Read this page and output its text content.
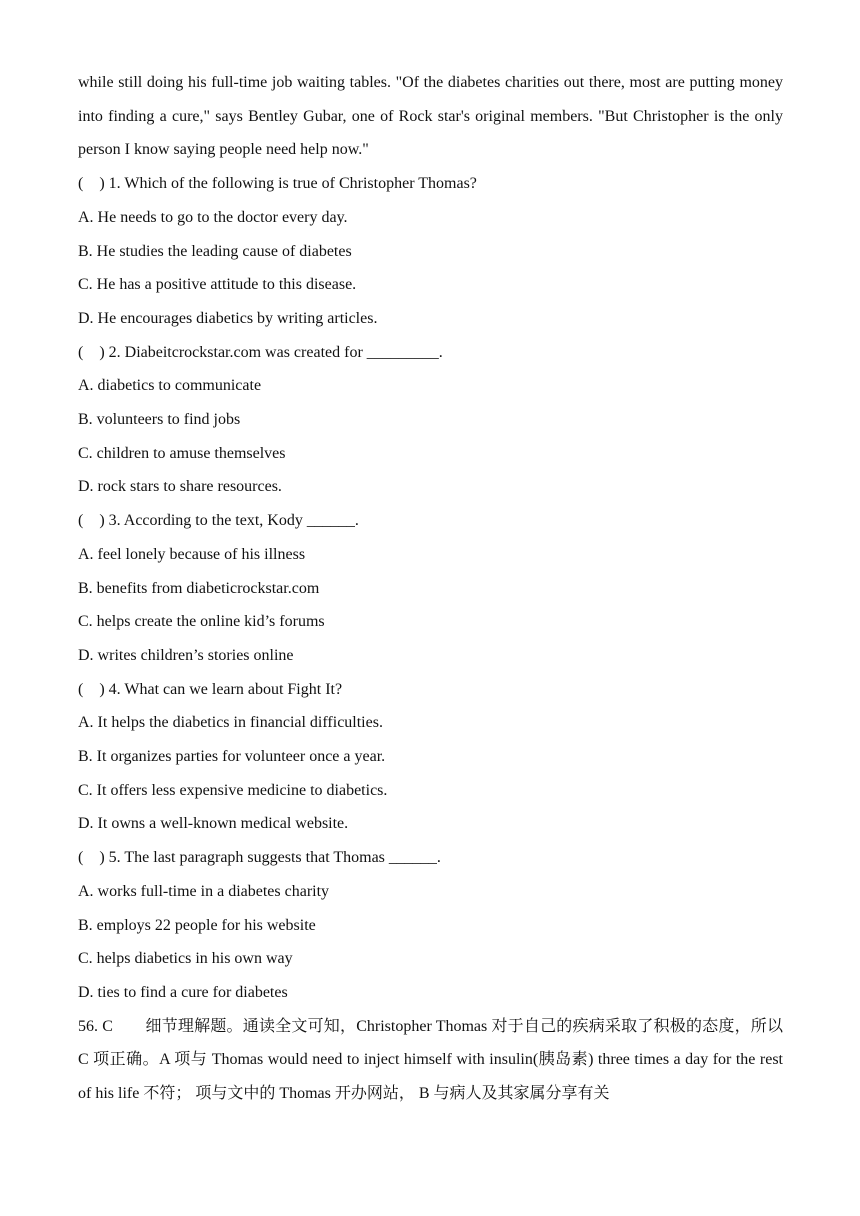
while still doing his full-time job waiting tables. "Of the diabetes charities out there, most are putting money into finding a cure," says Bentley Gubar, one of Rock star's original members. "But Christopher is the only person I know saying people need help now."

(    ) 1. Which of the following is true of Christopher Thomas?

A. He needs to go to the doctor every day.

B. He studies the leading cause of diabetes

C. He has a positive attitude to this disease.

D. He encourages diabetics by writing articles.

(    ) 2. Diabeitcrockstar.com was created for _________.

A. diabetics to communicate

B. volunteers to find jobs

C. children to amuse themselves

D. rock stars to share resources.

(    ) 3. According to the text, Kody ______.

A. feel lonely because of his illness

B. benefits from diabeticrockstar.com

C. helps create the online kid’s forums

D. writes children’s stories online

(    ) 4. What can we learn about Fight It?

A. It helps the diabetics in financial difficulties.

B. It organizes parties for volunteer once a year.

C. It offers less expensive medicine to diabetics.

D. It owns a well-known medical website.

(    ) 5. The last paragraph suggests that Thomas ______.

A. works full-time in a diabetes charity

B. employs 22 people for his website

C. helps diabetics in his own way

D. ties to find a cure for diabetes

56. C　　细节理解题。通读全文可知，Christopher Thomas 对于自己的疾病采取了积极的态度，所以 C 项正确。A 项与 Thomas would need to inject himself with insulin(胰岛素) three times a day for the rest of his life 不符； 项与文中的 Thomas 开办网站， B 与病人及其家属分享有关
